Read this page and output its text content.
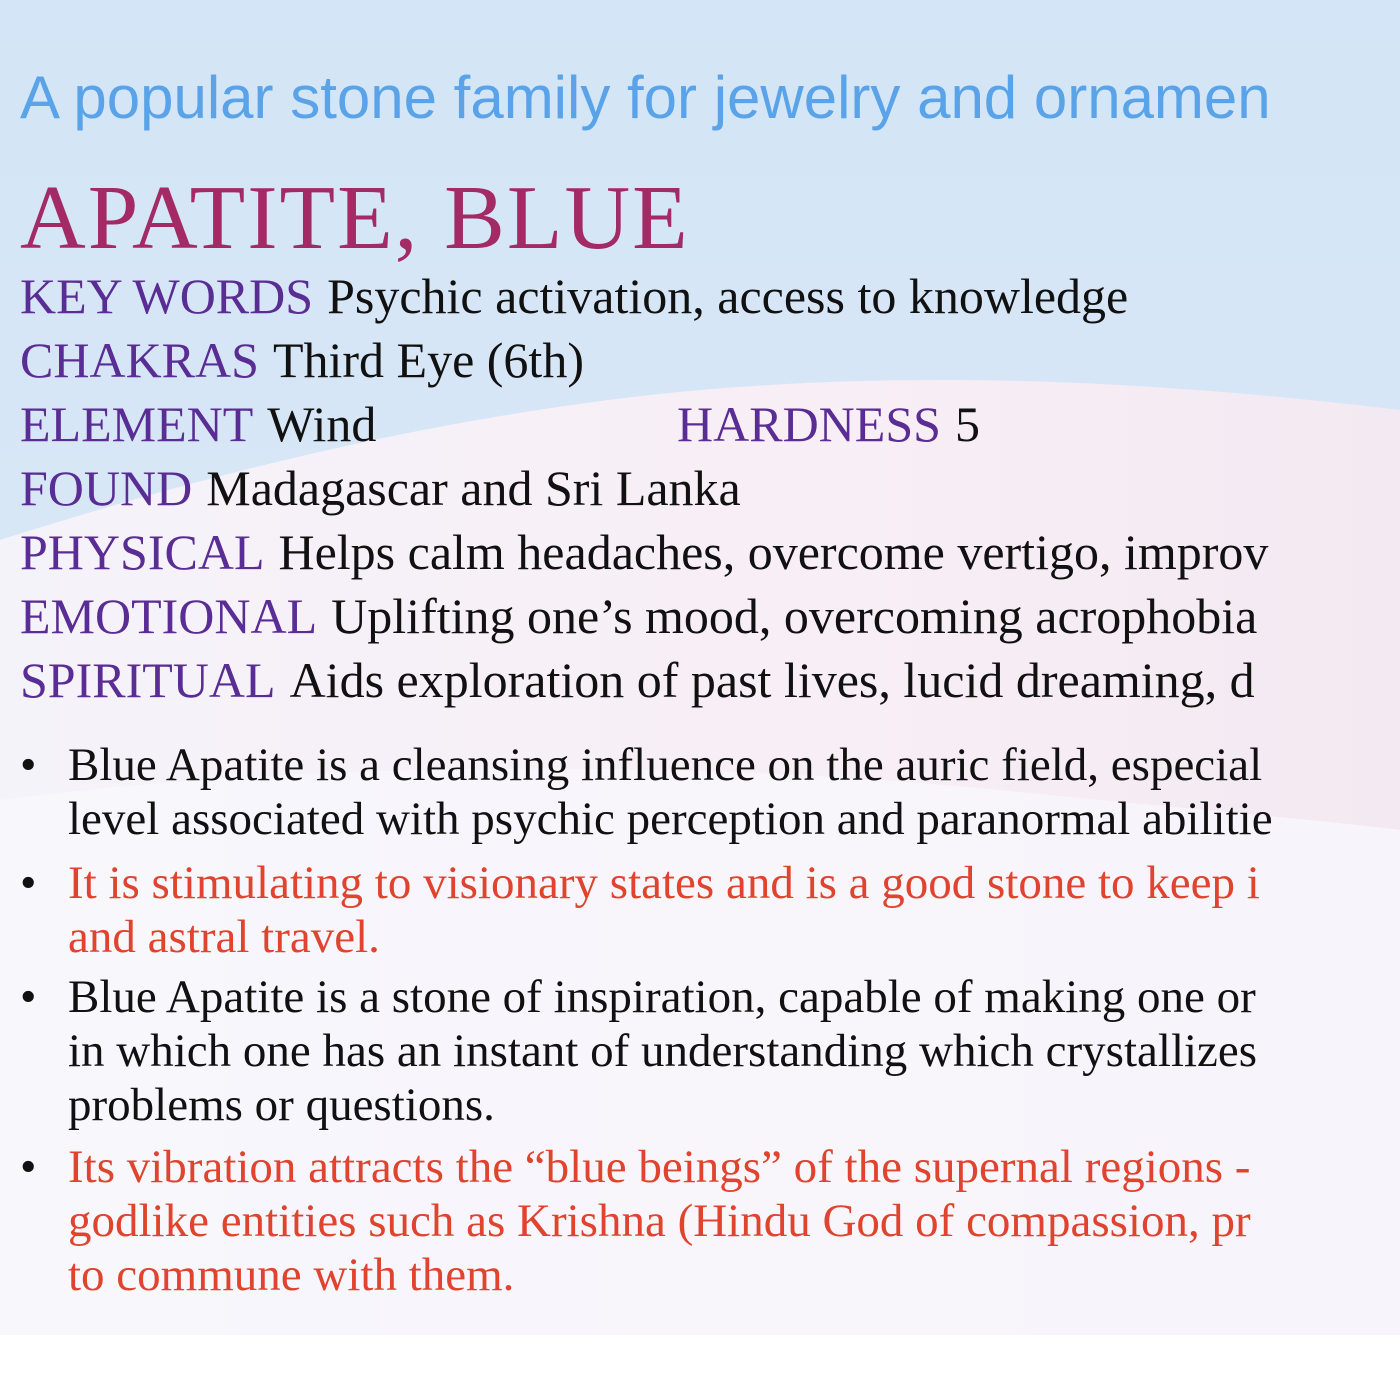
A popular stone family for jewelry and ornamen
APATITE, BLUE

KEY WORDS Psychic activation, access to knowledge

CHAKRAS Third Eye (6th)

ELEMENT Wind	HARDNESS 5

FOUND Madagascar and Sri Lanka

PHYSICAL Helps calm headaches, overcome vertigo, improv

EMOTIONAL Uplifting one’s mood, overcoming acrophobia

SPIRITUAL Aids exploration of past lives, lucid dreaming, d

• Blue Apatite is a cleansing influence on the auric field, especial
level associated with psychic perception and paranormal abilitie
• It is stimulating to visionary states and is a good stone to keep i
and astral travel.
• Blue Apatite is a stone of inspiration, capable of making one or
in which one has an instant of understanding which crystallizes
problems or questions.
• Its vibration attracts the “blue beings” of the supernal regions -
godlike entities such as Krishna (Hindu God of compassion, pr
to commune with them.
